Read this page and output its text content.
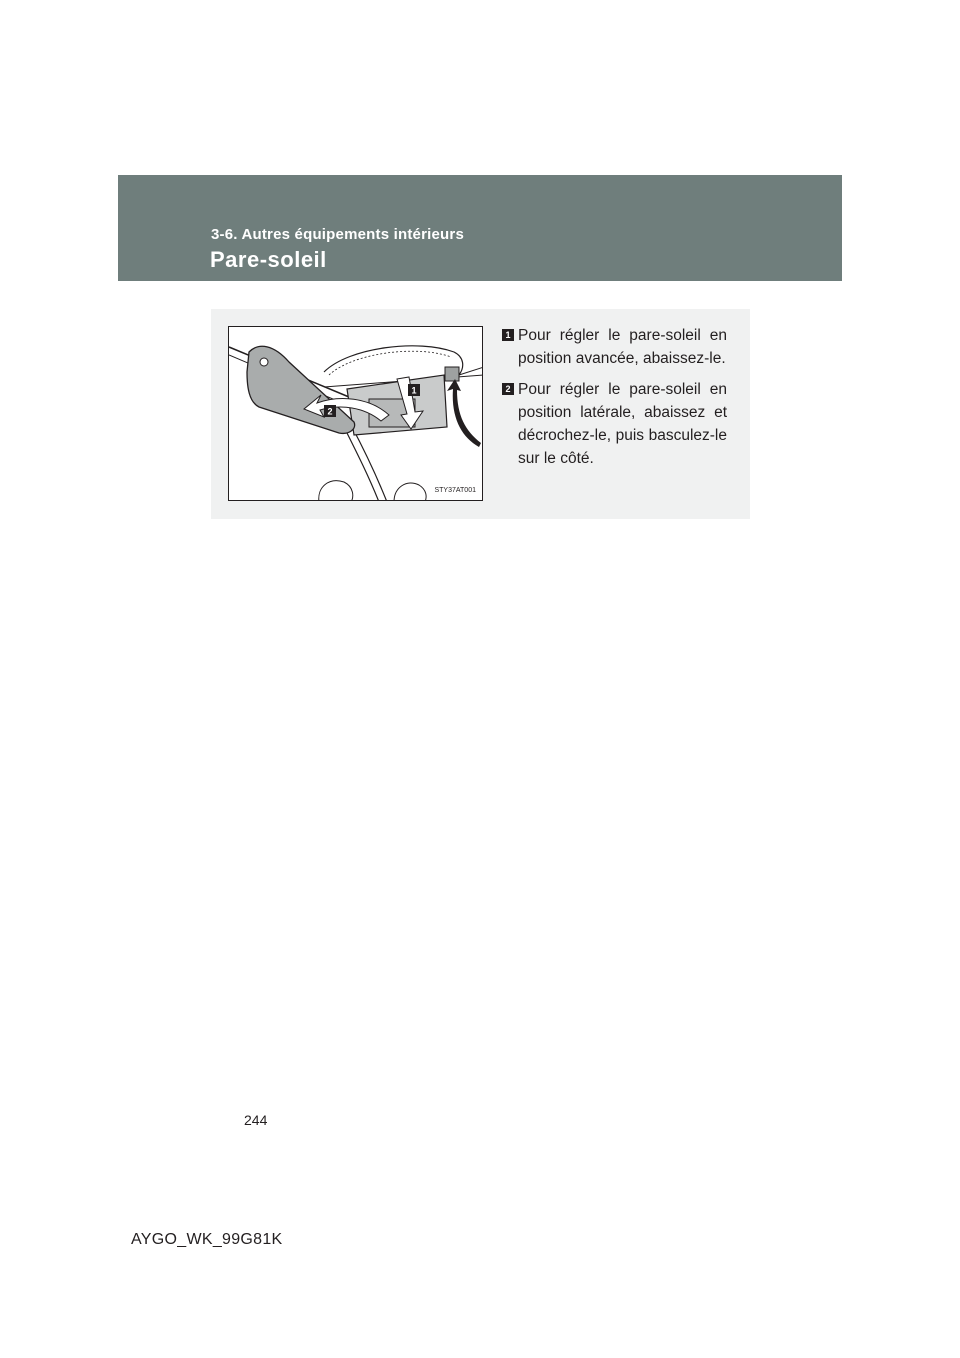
3-6. Autres équipements intérieurs
Pare-soleil
2
1
STY37AT001
1 Pour régler le pare-soleil en position avancée, abaissez-le.
2 Pour régler le pare-soleil en position latérale, abaissez et décrochez-le, puis basculez-le sur le côté.
244
AYGO_WK_99G81K
